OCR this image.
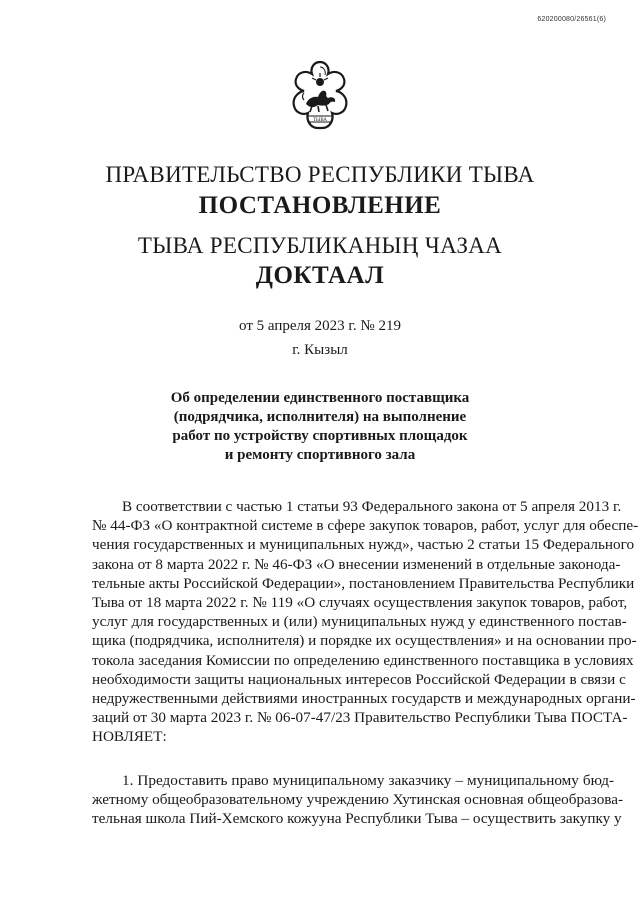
620200080/26561(6)
ТЫВА
ПРАВИТЕЛЬСТВО РЕСПУБЛИКИ ТЫВА
ПОСТАНОВЛЕНИЕ
ТЫВА РЕСПУБЛИКАНЫҢ ЧАЗАА
ДОКТААЛ
от 5 апреля 2023 г. № 219
г. Кызыл
Об определении единственного поставщика
(подрядчика, исполнителя) на выполнение
работ по устройству спортивных площадок
и ремонту спортивного зала
В соответствии с частью 1 статьи 93 Федерального закона от 5 апреля 2013 г.
№ 44-ФЗ «О контрактной системе в сфере закупок товаров, работ, услуг для обеспе-
чения государственных и муниципальных нужд», частью 2 статьи 15 Федерального
закона от 8 марта 2022 г. № 46-ФЗ «О внесении изменений в отдельные законода-
тельные акты Российской Федерации», постановлением Правительства Республики
Тыва от 18 марта 2022 г. № 119 «О случаях осуществления закупок товаров, работ,
услуг для государственных и (или) муниципальных нужд у единственного постав-
щика (подрядчика, исполнителя) и порядке их осуществления» и на основании про-
токола заседания Комиссии по определению единственного поставщика в условиях
необходимости защиты национальных интересов Российской Федерации в связи с
недружественными действиями иностранных государств и международных органи-
заций от 30 марта 2023 г. № 06-07-47/23 Правительство Республики Тыва ПОСТА-
НОВЛЯЕТ:
1. Предоставить право муниципальному заказчику – муниципальному бюд-
жетному общеобразовательному учреждению Хутинская основная общеобразова-
тельная школа Пий-Хемского кожууна Республики Тыва – осуществить закупку у
